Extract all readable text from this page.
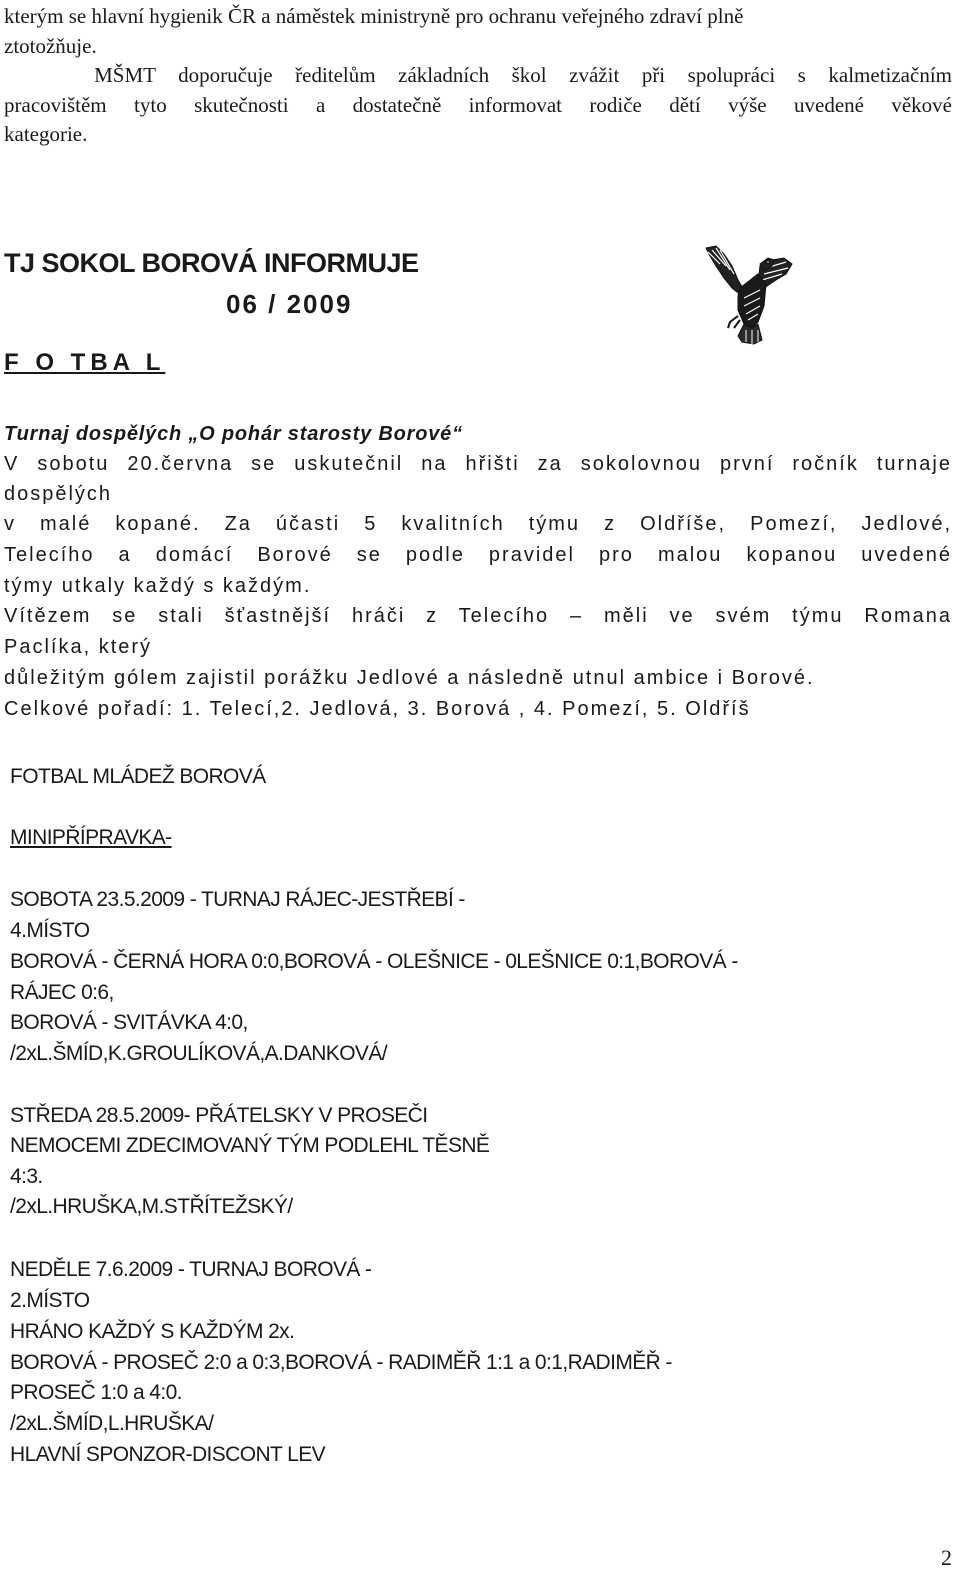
kterým se hlavní hygienik ČR a náměstek ministryně pro ochranu veřejného zdraví plně
ztotožňuje.
MŠMT doporučuje ředitelům základních škol zvážit při spolupráci s kalmetizačním
pracovištěm tyto skutečnosti a dostatečně informovat rodiče dětí výše uvedené věkové
kategorie.
TJ SOKOL BOROVÁ INFORMUJE
06 / 2009
F O TBA L
Turnaj dospělých „O pohár starosty Borové“
V sobotu 20.června se uskutečnil na hřišti za sokolovnou první ročník turnaje
dospělých
v malé kopané. Za účasti 5 kvalitních týmu z Oldříše, Pomezí, Jedlové,
Telecího a domácí Borové se podle pravidel pro malou kopanou uvedené
týmy utkaly každý s každým.
Vítězem se stali šťastnější hráči z Telecího – měli ve svém týmu Romana
Paclíka, který
důležitým gólem zajistil porážku Jedlové a následně utnul ambice i Borové.
Celkové pořadí: 1. Telecí,2. Jedlová, 3. Borová , 4. Pomezí, 5. Oldříš
FOTBAL MLÁDEŽ BOROVÁ
MINIPŘÍPRAVKA-
SOBOTA 23.5.2009 - TURNAJ RÁJEC-JESTŘEBÍ -
4.MÍSTO
BOROVÁ - ČERNÁ HORA 0:0,BOROVÁ - OLEŠNICE - 0LEŠNICE 0:1,BOROVÁ -
RÁJEC 0:6,
BOROVÁ - SVITÁVKA 4:0,
/2xL.ŠMÍD,K.GROULÍKOVÁ,A.DANKOVÁ/
STŘEDA 28.5.2009- PŘÁTELSKY V PROSEČI
NEMOCEMI ZDECIMOVANÝ TÝM PODLEHL TĚSNĚ
4:3.
/2xL.HRUŠKA,M.STŘÍTEŽSKÝ/
NEDĚLE 7.6.2009 - TURNAJ BOROVÁ -
2.MÍSTO
HRÁNO KAŽDÝ S KAŽDÝM 2x.
BOROVÁ - PROSEČ 2:0 a 0:3,BOROVÁ - RADIMĚŘ 1:1 a 0:1,RADIMĚŘ -
PROSEČ 1:0 a 4:0.
/2xL.ŠMÍD,L.HRUŠKA/
HLAVNÍ SPONZOR-DISCONT LEV
2
